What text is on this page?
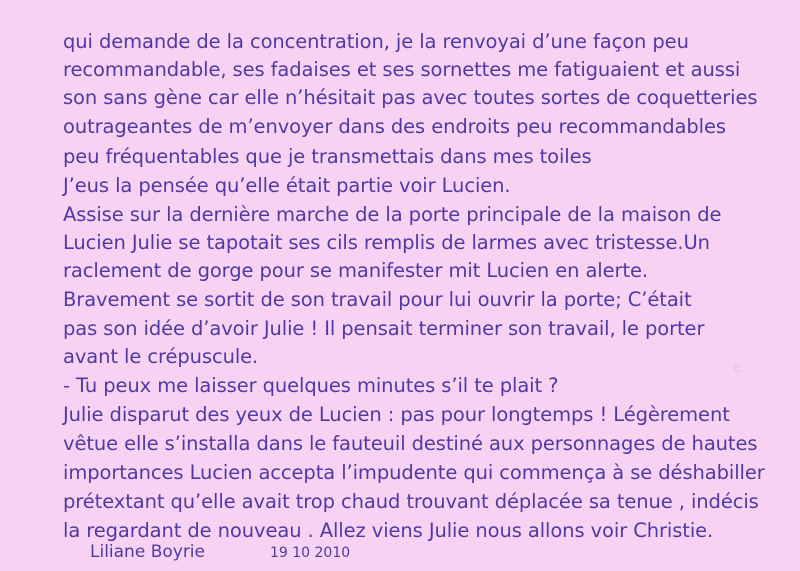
qui demande de la concentration, je la renvoyai d’une façon peu
recommandable, ses fadaises et ses sornettes me fatiguaient et aussi
son sans gène car elle n’hésitait pas avec toutes sortes de coquetteries
outrageantes de m’envoyer dans des endroits peu recommandables
peu fréquentables que je transmettais dans mes toiles
J’eus la pensée qu’elle était partie voir Lucien.
Assise sur la dernière marche de la porte principale de la maison de
Lucien Julie se tapotait ses cils remplis de larmes avec tristesse.Un
raclement de gorge pour se manifester mit Lucien en alerte.
Bravement se sortit de son travail pour lui ouvrir la porte; C’était
pas son idée d’avoir Julie ! Il pensait terminer son travail, le porter
avant le crépuscule.
- Tu peux me laisser quelques minutes s’il te plait ?
Julie disparut des yeux de Lucien : pas pour longtemps ! Légèrement
vêtue elle s’installa dans le fauteuil destiné aux personnages de hautes
importances Lucien accepta l’impudente qui commença à se déshabiller
prétextant qu’elle avait trop chaud trouvant déplacée sa tenue , indécis
la regardant de nouveau . Allez viens Julie nous allons voir Christie.
Liliane Boyrie	19 10 2010
e
